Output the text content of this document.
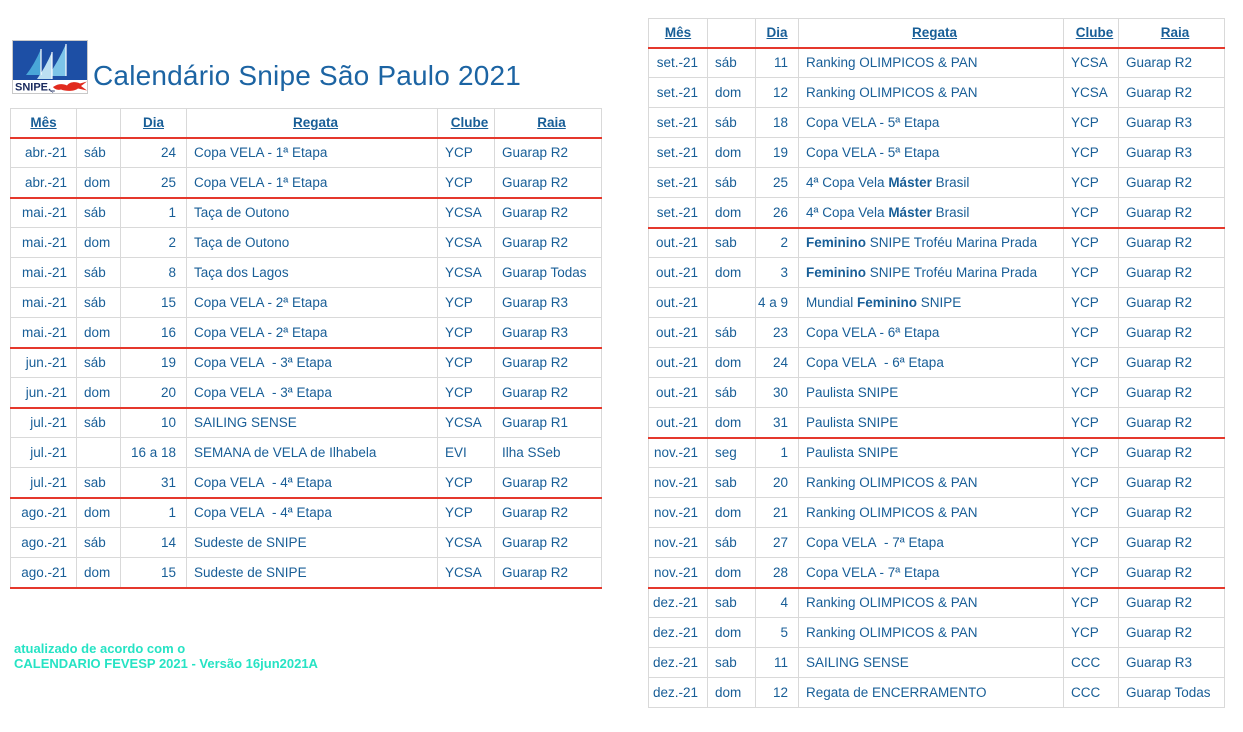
SNIPE.
sp Calendário Snipe São Paulo 2021
Mês		Dia	Regata	Clube	Raia
abr.-21	sáb	24	Copa VELA - 1ª Etapa	YCP	Guarap R2
abr.-21	dom	25	Copa VELA - 1ª Etapa	YCP	Guarap R2
mai.-21	sáb	1	Taça de Outono	YCSA	Guarap R2
mai.-21	dom	2	Taça de Outono	YCSA	Guarap R2
mai.-21	sáb	8	Taça dos Lagos	YCSA	Guarap Todas
mai.-21	sáb	15	Copa VELA - 2ª Etapa	YCP	Guarap R3
mai.-21	dom	16	Copa VELA - 2ª Etapa	YCP	Guarap R3
jun.-21	sáb	19	Copa VELA  - 3ª Etapa	YCP	Guarap R2
jun.-21	dom	20	Copa VELA  - 3ª Etapa	YCP	Guarap R2
jul.-21	sáb	10	SAILING SENSE	YCSA	Guarap R1
jul.-21		16 a 18	SEMANA de VELA de Ilhabela	EVI	Ilha SSeb
jul.-21	sab	31	Copa VELA  - 4ª Etapa	YCP	Guarap R2
ago.-21	dom	1	Copa VELA  - 4ª Etapa	YCP	Guarap R2
ago.-21	sáb	14	Sudeste de SNIPE	YCSA	Guarap R2
ago.-21	dom	15	Sudeste de SNIPE	YCSA	Guarap R2
Mês		Dia	Regata	Clube	Raia
set.-21	sáb	11	Ranking OLIMPICOS & PAN	YCSA	Guarap R2
set.-21	dom	12	Ranking OLIMPICOS & PAN	YCSA	Guarap R2
set.-21	sáb	18	Copa VELA - 5ª Etapa	YCP	Guarap R3
set.-21	dom	19	Copa VELA - 5ª Etapa	YCP	Guarap R3
set.-21	sáb	25	4ª Copa Vela Máster Brasil	YCP	Guarap R2
set.-21	dom	26	4ª Copa Vela Máster Brasil	YCP	Guarap R2
out.-21	sab	2	Feminino SNIPE Troféu Marina Prada	YCP	Guarap R2
out.-21	dom	3	Feminino SNIPE Troféu Marina Prada	YCP	Guarap R2
out.-21		4 a 9	Mundial Feminino SNIPE	YCP	Guarap R2
out.-21	sáb	23	Copa VELA - 6ª Etapa	YCP	Guarap R2
out.-21	dom	24	Copa VELA  - 6ª Etapa	YCP	Guarap R2
out.-21	sáb	30	Paulista SNIPE	YCP	Guarap R2
out.-21	dom	31	Paulista SNIPE	YCP	Guarap R2
nov.-21	seg	1	Paulista SNIPE	YCP	Guarap R2
nov.-21	sab	20	Ranking OLIMPICOS & PAN	YCP	Guarap R2
nov.-21	dom	21	Ranking OLIMPICOS & PAN	YCP	Guarap R2
nov.-21	sáb	27	Copa VELA  - 7ª Etapa	YCP	Guarap R2
nov.-21	dom	28	Copa VELA - 7ª Etapa	YCP	Guarap R2
dez.-21	sab	4	Ranking OLIMPICOS & PAN	YCP	Guarap R2
dez.-21	dom	5	Ranking OLIMPICOS & PAN	YCP	Guarap R2
dez.-21	sab	11	SAILING SENSE	CCC	Guarap R3
dez.-21	dom	12	Regata de ENCERRAMENTO	CCC	Guarap Todas
atualizado de acordo com o
CALENDARIO FEVESP 2021 - Versão 16jun2021A
